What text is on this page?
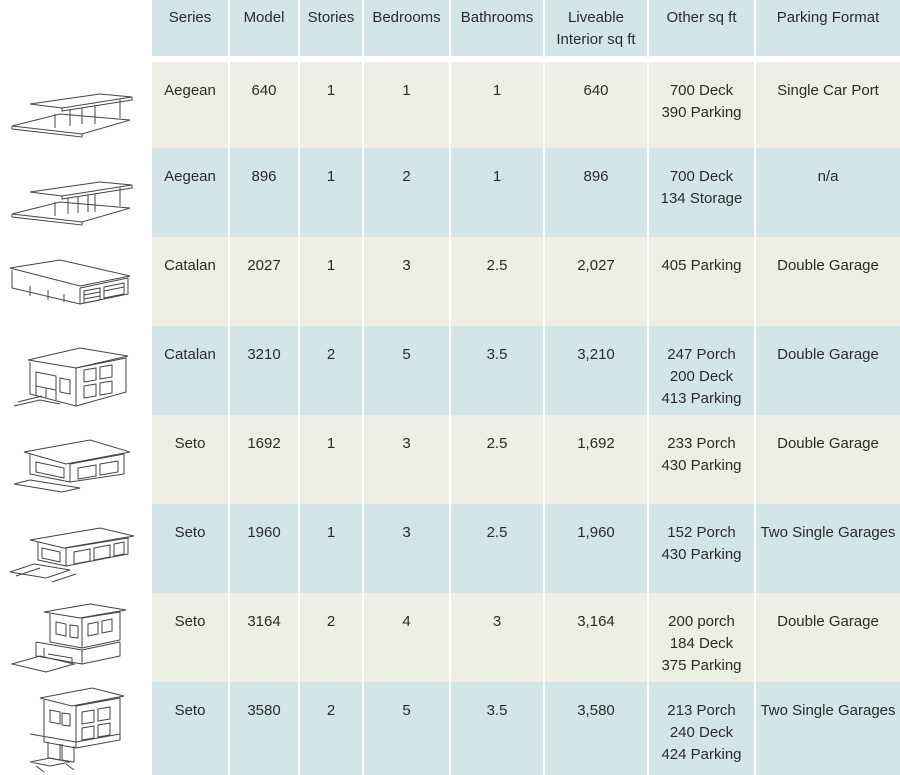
Series	Model	Stories	Bedrooms	Bathrooms	Liveable
Interior sq ft	Other sq ft	Parking Format
Aegean	640	1	1	1	640	700 Deck
390 Parking	Single Car Port
Aegean	896	1	2	1	896	700 Deck
134 Storage	n/a
Catalan	2027	1	3	2.5	2,027	405 Parking	Double Garage
Catalan	3210	2	5	3.5	3,210	247 Porch
200 Deck
413 Parking	Double Garage
Seto	1692	1	3	2.5	1,692	233 Porch
430 Parking	Double Garage
Seto	1960	1	3	2.5	1,960	152 Porch
430 Parking	Two Single Garages
Seto	3164	2	4	3	3,164	200 porch
184 Deck
375 Parking	Double Garage
Seto	3580	2	5	3.5	3,580	213 Porch
240 Deck
424 Parking	Two Single Garages
